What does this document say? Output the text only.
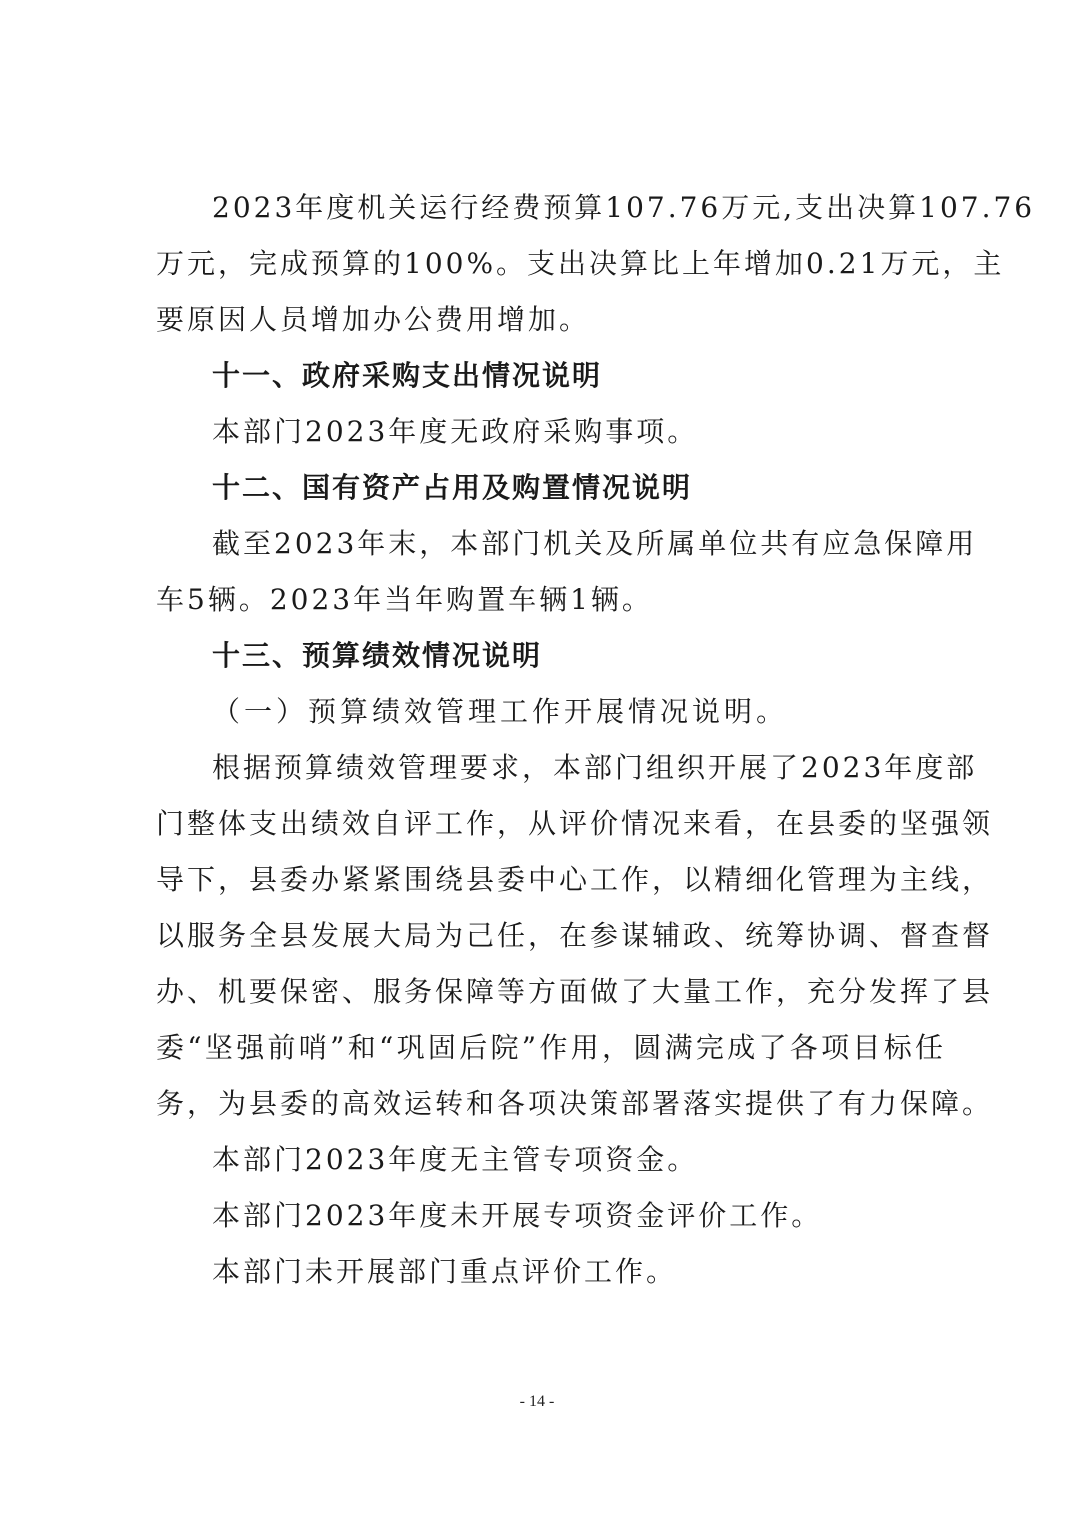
2023年度机关运行经费预算107.76万元,支出决算107.76
万元，完成预算的100%。支出决算比上年增加0.21万元，主
要原因人员增加办公费用增加。
十一、政府采购支出情况说明
本部门2023年度无政府采购事项。
十二、国有资产占用及购置情况说明
截至2023年末，本部门机关及所属单位共有应急保障用
车5辆。2023年当年购置车辆1辆。
十三、预算绩效情况说明
（一）预算绩效管理工作开展情况说明。
根据预算绩效管理要求，本部门组织开展了2023年度部
门整体支出绩效自评工作，从评价情况来看，在县委的坚强领
导下，县委办紧紧围绕县委中心工作，以精细化管理为主线，
以服务全县发展大局为己任，在参谋辅政、统筹协调、督查督
办、机要保密、服务保障等方面做了大量工作，充分发挥了县
委“坚强前哨”和“巩固后院”作用，圆满完成了各项目标任
务，为县委的高效运转和各项决策部署落实提供了有力保障。
本部门2023年度无主管专项资金。
本部门2023年度未开展专项资金评价工作。
本部门未开展部门重点评价工作。
- 14 -
